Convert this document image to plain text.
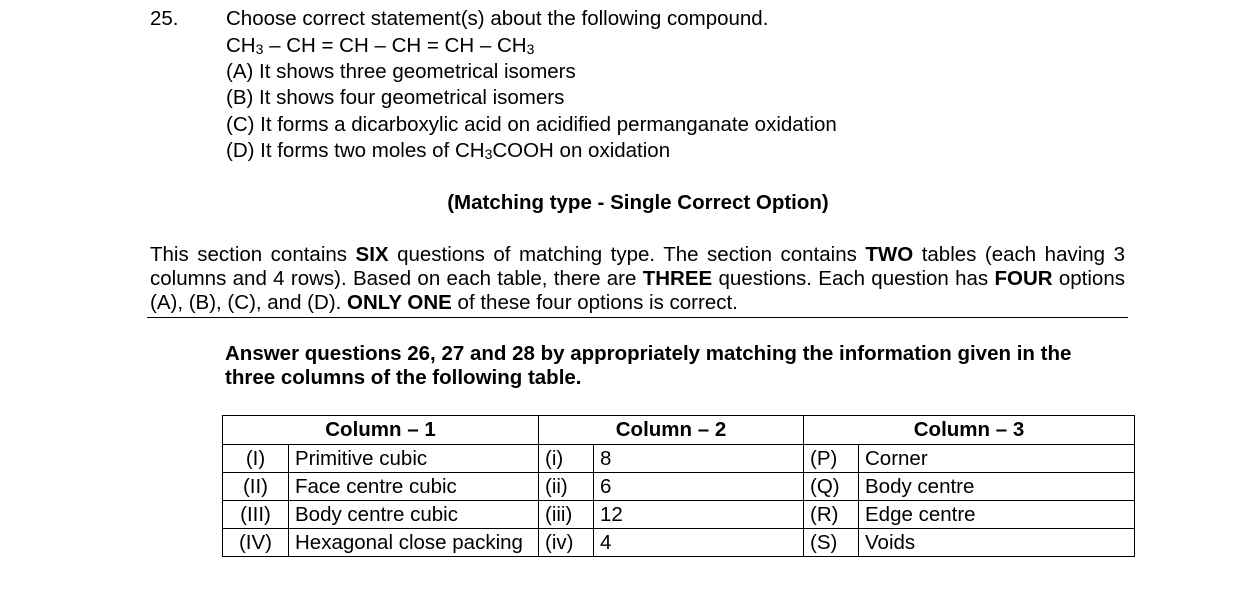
25. Choose correct statement(s) about the following compound.
$CH_3$ – CH = CH – CH = CH – $CH_3$
(A) It shows three geometrical isomers
(B) It shows four geometrical isomers
(C) It forms a dicarboxylic acid on acidified permanganate oxidation
(D) It forms two moles of $CH_3COOH$ on oxidation
(Matching type - Single Correct Option)
This section contains SIX questions of matching type. The section contains TWO tables (each having 3 columns and 4 rows). Based on each table, there are THREE questions. Each question has FOUR options (A), (B), (C), and (D). ONLY ONE of these four options is correct.
Answer questions 26, 27 and 28 by appropriately matching the information given in the three columns of the following table.
Column – 1		Column – 2		Column – 3	
(I)	Primitive cubic	(i)	8	(P)	Corner
(II)	Face centre cubic	(ii)	6	(Q)	Body centre
(III)	Body centre cubic	(iii)	12	(R)	Edge centre
(IV)	Hexagonal close packing	(iv)	4	(S)	Voids
